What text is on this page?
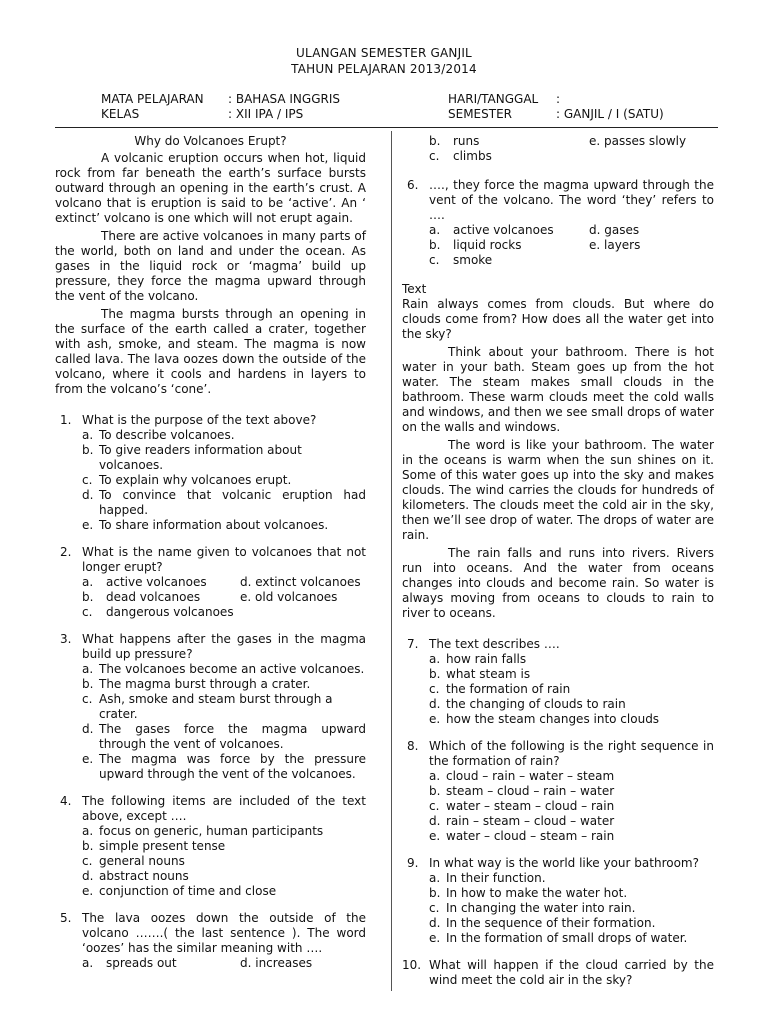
ULANGAN SEMESTER GANJIL
TAHUN PELAJARAN 2013/2014
MATA PELAJARAN : BAHASA INGGRIS	HARI/TANGGAL :
KELAS	: XII IPA / IPS	SEMESTER	: GANJIL / I (SATU)
Why do Volcanoes Erupt?

A volcanic eruption occurs when hot, liquid rock from far beneath the earth’s surface bursts outward through an opening in the earth’s crust. A volcano that is eruption is said to be ‘active’. An ‘ extinct’ volcano is one which will not erupt again.

There are active volcanoes in many parts of the world, both on land and under the ocean. As gases in the liquid rock or ‘magma’ build up pressure, they force the magma upward through the vent of the volcano.

The magma bursts through an opening in the surface of the earth called a crater, together with ash, smoke, and steam. The magma is now called lava. The lava oozes down the outside of the volcano, where it cools and hardens in layers to from the volcano’s ‘cone’.

1. What is the purpose of the text above?
a. To describe volcanoes.
b. To give readers information about volcanoes.
c. To explain why volcanoes erupt.
d. To convince that volcanic eruption had happed.
e. To share information about volcanoes.
2. What is the name given to volcanoes that not longer erupt?
a. active volcanoes	d. extinct volcanoes
b. dead volcanoes	e. old volcanoes
c. dangerous volcanoes
3. What happens after the gases in the magma build up pressure?
a. The volcanoes become an active volcanoes.
b. The magma burst through a crater.
c. Ash, smoke and steam burst through a crater.
d. The gases force the magma upward through the vent of volcanoes.
e. The magma was force by the pressure upward through the vent of the volcanoes.
4. The following items are included of the text above, except ….
a. focus on generic, human participants
b. simple present tense
c. general nouns
d. abstract nouns
e. conjunction of time and close
5. The lava oozes down the outside of the volcano …….( the last sentence ). The word ‘oozes’ has the similar meaning with ….
a. spreads out	d. increases
b. runs	e. passes slowly
c. climbs
6. …., they force the magma upward through the vent of the volcano. The word ‘they’ refers to ….
a. active volcanoes	d. gases
b. liquid rocks	e. layers
c. smoke
Text

Rain always comes from clouds. But where do clouds come from? How does all the water get into the sky?

Think about your bathroom. There is hot water in your bath. Steam goes up from the hot water. The steam makes small clouds in the bathroom. These warm clouds meet the cold walls and windows, and then we see small drops of water on the walls and windows.

The word is like your bathroom. The water in the oceans is warm when the sun shines on it. Some of this water goes up into the sky and makes clouds. The wind carries the clouds for hundreds of kilometers. The clouds meet the cold air in the sky, then we’ll see drop of water. The drops of water are rain.

The rain falls and runs into rivers. Rivers run into oceans. And the water from oceans changes into clouds and become rain. So water is always moving from oceans to clouds to rain to river to oceans.

7. The text describes ….
a. how rain falls
b. what steam is
c. the formation of rain
d. the changing of clouds to rain
e. how the steam changes into clouds
8. Which of the following is the right sequence in the formation of rain?
a. cloud – rain – water – steam
b. steam – cloud – rain – water
c. water – steam – cloud – rain
d. rain – steam – cloud – water
e. water – cloud – steam – rain
9. In what way is the world like your bathroom?
a. In their function.
b. In how to make the water hot.
c. In changing the water into rain.
d. In the sequence of their formation.
e. In the formation of small drops of water.
10. What will happen if the cloud carried by the wind meet the cold air in the sky?
